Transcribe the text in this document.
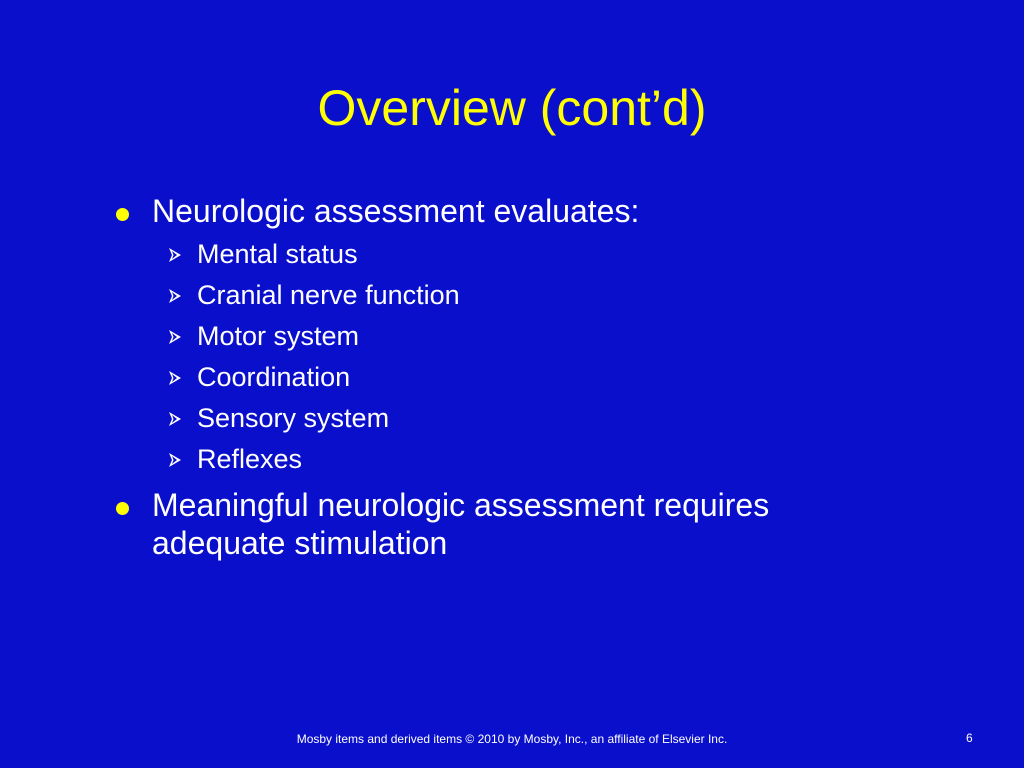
Overview (cont’d)
Neurologic assessment evaluates:
Mental status
Cranial nerve function
Motor system
Coordination
Sensory system
Reflexes
Meaningful neurologic assessment requires adequate stimulation
Mosby items and derived items © 2010 by Mosby, Inc., an affiliate of Elsevier Inc.	6
